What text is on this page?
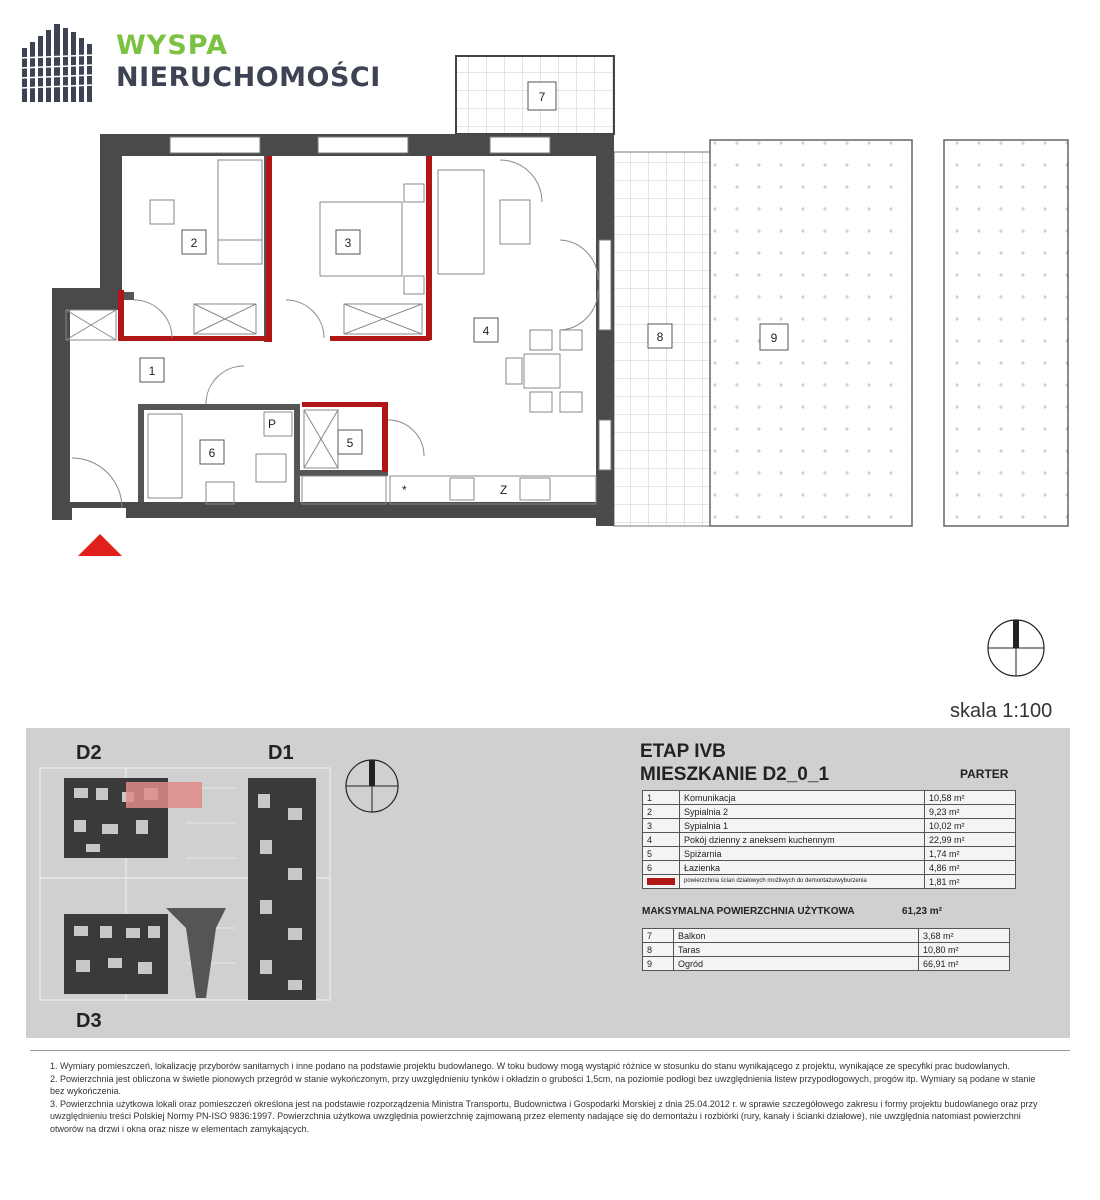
WYSPA
NIERUCHOMOŚCI
P
Z
*
1
2	3
4
5
6
7
8	9
skala 1:100
D2	D1
D3
ETAP IVB
MIESZKANIE D2_0_1	PARTER
1	Komunikacja	10,58 m²
2	Sypialnia 2	9,23 m²
3	Sypialnia 1	10,02 m²
4	Pokój dzienny z aneksem kuchennym	22,99 m²
5	Spiżarnia	1,74 m²
6	Łazienka	4,86 m²

	powierzchnia ścian działowych możliwych do demontażu/wyburzenia	1,81 m²
MAKSYMALNA POWIERZCHNIA UŻYTKOWA	61,23 m²
7	Balkon	3,68 m²
8	Taras	10,80 m²
9	Ogród	66,91 m²

1. Wymiary pomieszczeń, lokalizację przyborów sanitarnych i inne podano na podstawie projektu budowlanego. W toku budowy mogą wystąpić różnice w stosunku do stanu wynikającego z projektu, wynikające ze specyfiki prac budowlanych.

2. Powierzchnia jest obliczona w świetle pionowych przegród w stanie wykończonym, przy uwzględnieniu tynków i okładzin o grubości 1,5cm, na poziomie podłogi bez uwzględnienia listew przypodłogowych, progów itp. Wymiary są podane w stanie bez wykończenia.

3. Powierzchnia użytkowa lokali oraz pomieszczeń określona jest na podstawie rozporządzenia Ministra Transportu, Budownictwa i Gospodarki Morskiej z dnia 25.04.2012 r. w sprawie szczegółowego zakresu i formy projektu budowlanego oraz przy uwzględnieniu treści Polskiej Normy PN-ISO 9836:1997. Powierzchnia użytkowa uwzględnia powierzchnię zajmowaną przez elementy nadające się do demontażu i rozbiórki (rury, kanały i ścianki działowe), nie uwzględnia natomiast powierzchni otworów na drzwi i okna oraz nisze w elementach zamykających.
